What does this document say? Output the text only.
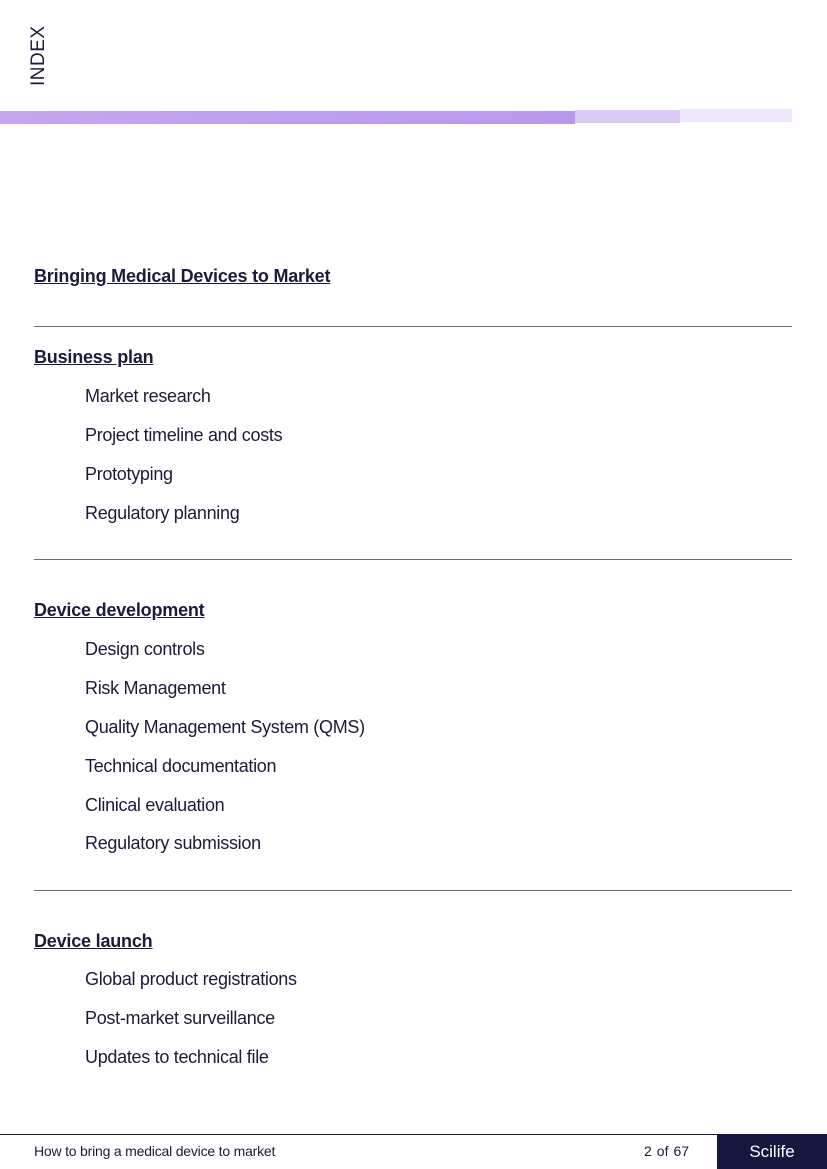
INDEX
Bringing Medical Devices to Market
Business plan

Market research

Project timeline and costs

Prototyping

Regulatory planning

Device development

Design controls

Risk Management

Quality Management System (QMS)

Technical documentation

Clinical evaluation

Regulatory submission

Device launch

Global product registrations

Post-market surveillance

Updates to technical file

How to bring a medical device to market	2 of 67	Scilife
